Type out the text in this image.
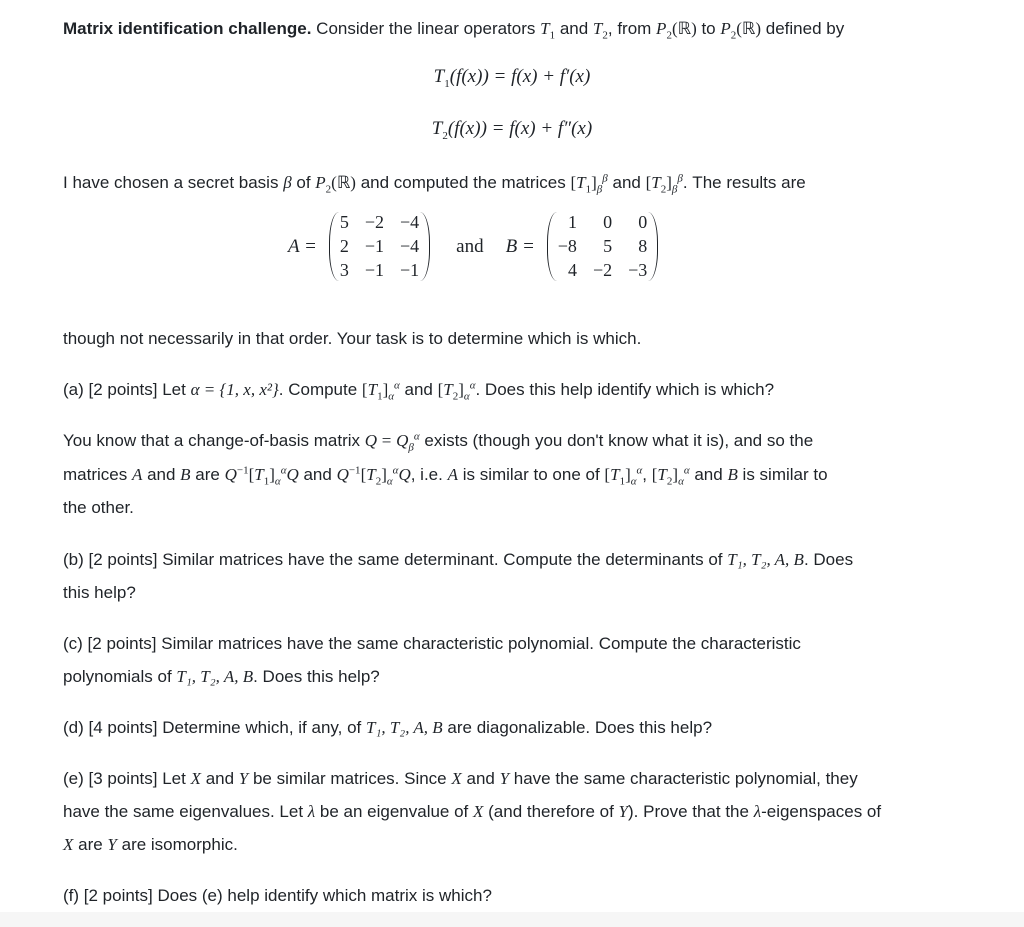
Matrix identification challenge. Consider the linear operators $T_1$ and $T_2$, from $P_2(ℝ)$ to $P_2(ℝ)$ defined by
$T_1(f(x)) = f(x) + f'(x)$
$T_2(f(x)) = f(x) + f''(x)$
I have chosen a secret basis β of $P_2(ℝ)$ and computed the matrices $[T_1]_\beta^\beta$ and $[T_2]_\beta^\beta$. The results are
A =
5 −2 −4
2 −1 −4
3 −1 −1
and B =
1	0	0
−8	5	8
4 −2 −3
though not necessarily in that order. Your task is to determine which is which.
(a) [2 points] Let α = {1, x, x²}. Compute $[T_1]_\alpha^\alpha$ and $[T_2]_\alpha^\alpha$. Does this help identify which is which?
You know that a change-of-basis matrix $Q = Q_\beta^\alpha$ exists (though you don't know what it is), and so the
matrices A and B are $Q^{-1}[T_1]_\alpha^\alpha Q$ and $Q^{-1}[T_2]_\alpha^\alpha Q$, i.e. A is similar to one of $[T_1]_\alpha^\alpha$, $[T_2]_\alpha^\alpha$ and B is similar to
the other.
(b) [2 points] Similar matrices have the same determinant. Compute the determinants of T₁, T₂, A, B. Does
this help?
(c) [2 points] Similar matrices have the same characteristic polynomial. Compute the characteristic
polynomials of T₁, T₂, A, B. Does this help?
(d) [4 points] Determine which, if any, of T₁, T₂, A, B are diagonalizable. Does this help?
(e) [3 points] Let X and Y be similar matrices. Since X and Y have the same characteristic polynomial, they
have the same eigenvalues. Let λ be an eigenvalue of X (and therefore of Y). Prove that the λ-eigenspaces of
X are Y are isomorphic.
(f) [2 points] Does (e) help identify which matrix is which?
